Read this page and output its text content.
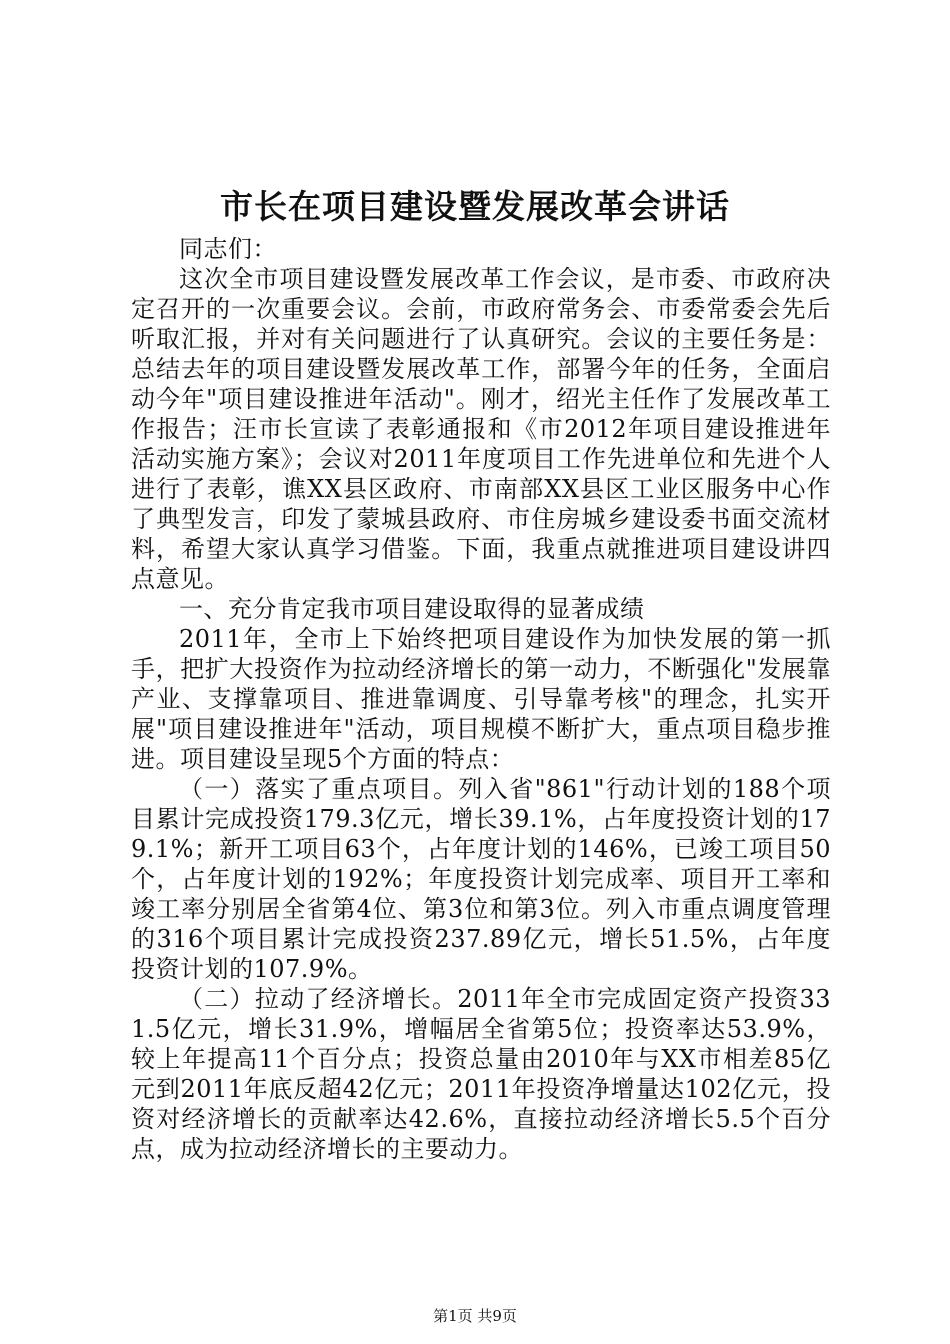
市长在项目建设暨发展改革会讲话

同志们：

这次全市项目建设暨发展改革工作会议，是市委、市政府决定召开的一次重要会议。会前，市政府常务会、市委常委会先后听取汇报，并对有关问题进行了认真研究。会议的主要任务是：总结去年的项目建设暨发展改革工作，部署今年的任务，全面启动今年"项目建设推进年活动"。刚才，绍光主任作了发展改革工作报告；汪市长宣读了表彰通报和《市2012年项目建设推进年活动实施方案》；会议对2011年度项目工作先进单位和先进个人进行了表彰，谯XX县区政府、市南部XX县区工业区服务中心作了典型发言，印发了蒙城县政府、市住房城乡建设委书面交流材料，希望大家认真学习借鉴。下面，我重点就推进项目建设讲四点意见。

一、充分肯定我市项目建设取得的显著成绩

2011年，全市上下始终把项目建设作为加快发展的第一抓手，把扩大投资作为拉动经济增长的第一动力，不断强化"发展靠产业、支撑靠项目、推进靠调度、引导靠考核"的理念，扎实开展"项目建设推进年"活动，项目规模不断扩大，重点项目稳步推进。项目建设呈现5个方面的特点：

（一）落实了重点项目。列入省"861"行动计划的188个项目累计完成投资179.3亿元，增长39.1%，占年度投资计划的179.1%；新开工项目63个，占年度计划的146%，已竣工项目50个，占年度计划的192%；年度投资计划完成率、项目开工率和竣工率分别居全省第4位、第3位和第3位。列入市重点调度管理的316个项目累计完成投资237.89亿元，增长51.5%，占年度投资计划的107.9%。

（二）拉动了经济增长。2011年全市完成固定资产投资331.5亿元，增长31.9%，增幅居全省第5位；投资率达53.9%，较上年提高11个百分点；投资总量由2010年与XX市相差85亿元到2011年底反超42亿元；2011年投资净增量达102亿元，投资对经济增长的贡献率达42.6%，直接拉动经济增长5.5个百分点，成为拉动经济增长的主要动力。

第1页 共9页
